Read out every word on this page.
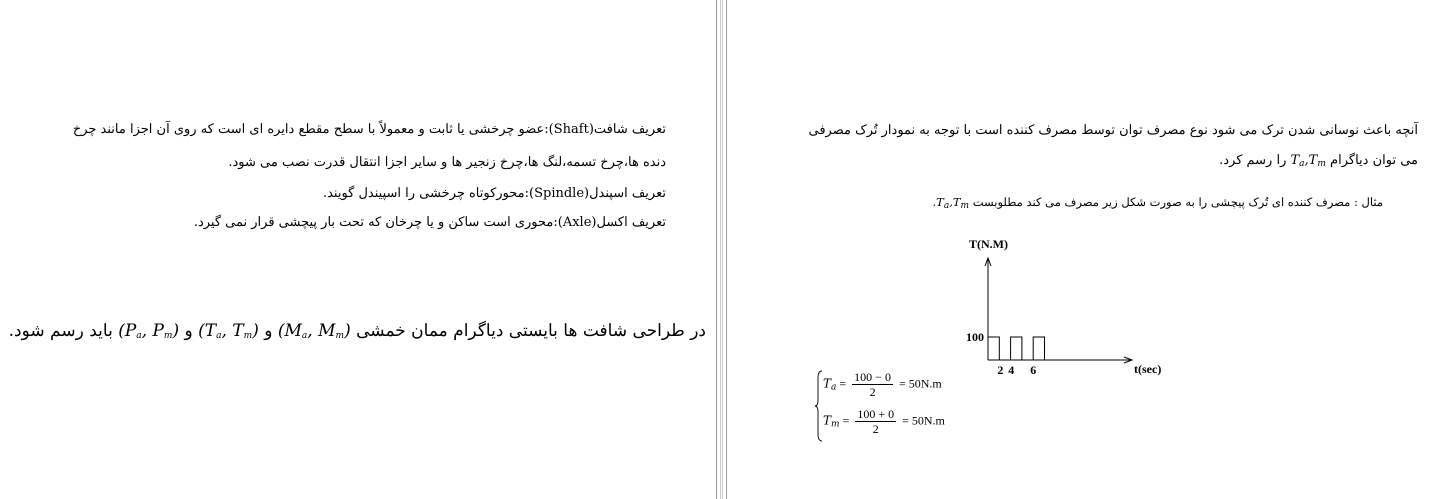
تعریف شافت(Shaft):عضو چرخشی یا ثابت و معمولاً با سطح مقطع دایره ای است که روی آن اجزا مانند چرخ
دنده ها،چرخ تسمه،لنگ ها،چرخ زنجیر ها و سایر اجزا انتقال قدرت نصب می شود.
تعریف اسپندل(Spindle):محورکوتاه چرخشی را اسپیندل گویند.
تعریف اکسل(Axle):محوری است ساکن و یا چرخان که تحت بار پیچشی قرار نمی گیرد.
در طراحی شافت ها بایستی دیاگرام ممان خمشی ($M_a$, $M_m$) و ($T_a$, $T_m$) و ($P_a$, $P_m$) باید رسم شود.
آنچه باعث نوسانی شدن ترک می شود نوع مصرف توان توسط مصرف کننده است با توجه به نمودار تُرک مصرفی
می توان دیاگرام $T_a,T_m$ را رسم کرد.
مثال : مصرف کننده ای تُرک پیچشی را به صورت شکل زیر مصرف می کند مطلوبست $T_a,T_m$.
T(N.M)
t(sec)
100
2 4 6
$T_a = \frac{100 - 0}{2} = 50N.m$
$T_m = \frac{100 + 0}{2} = 50N.m$
